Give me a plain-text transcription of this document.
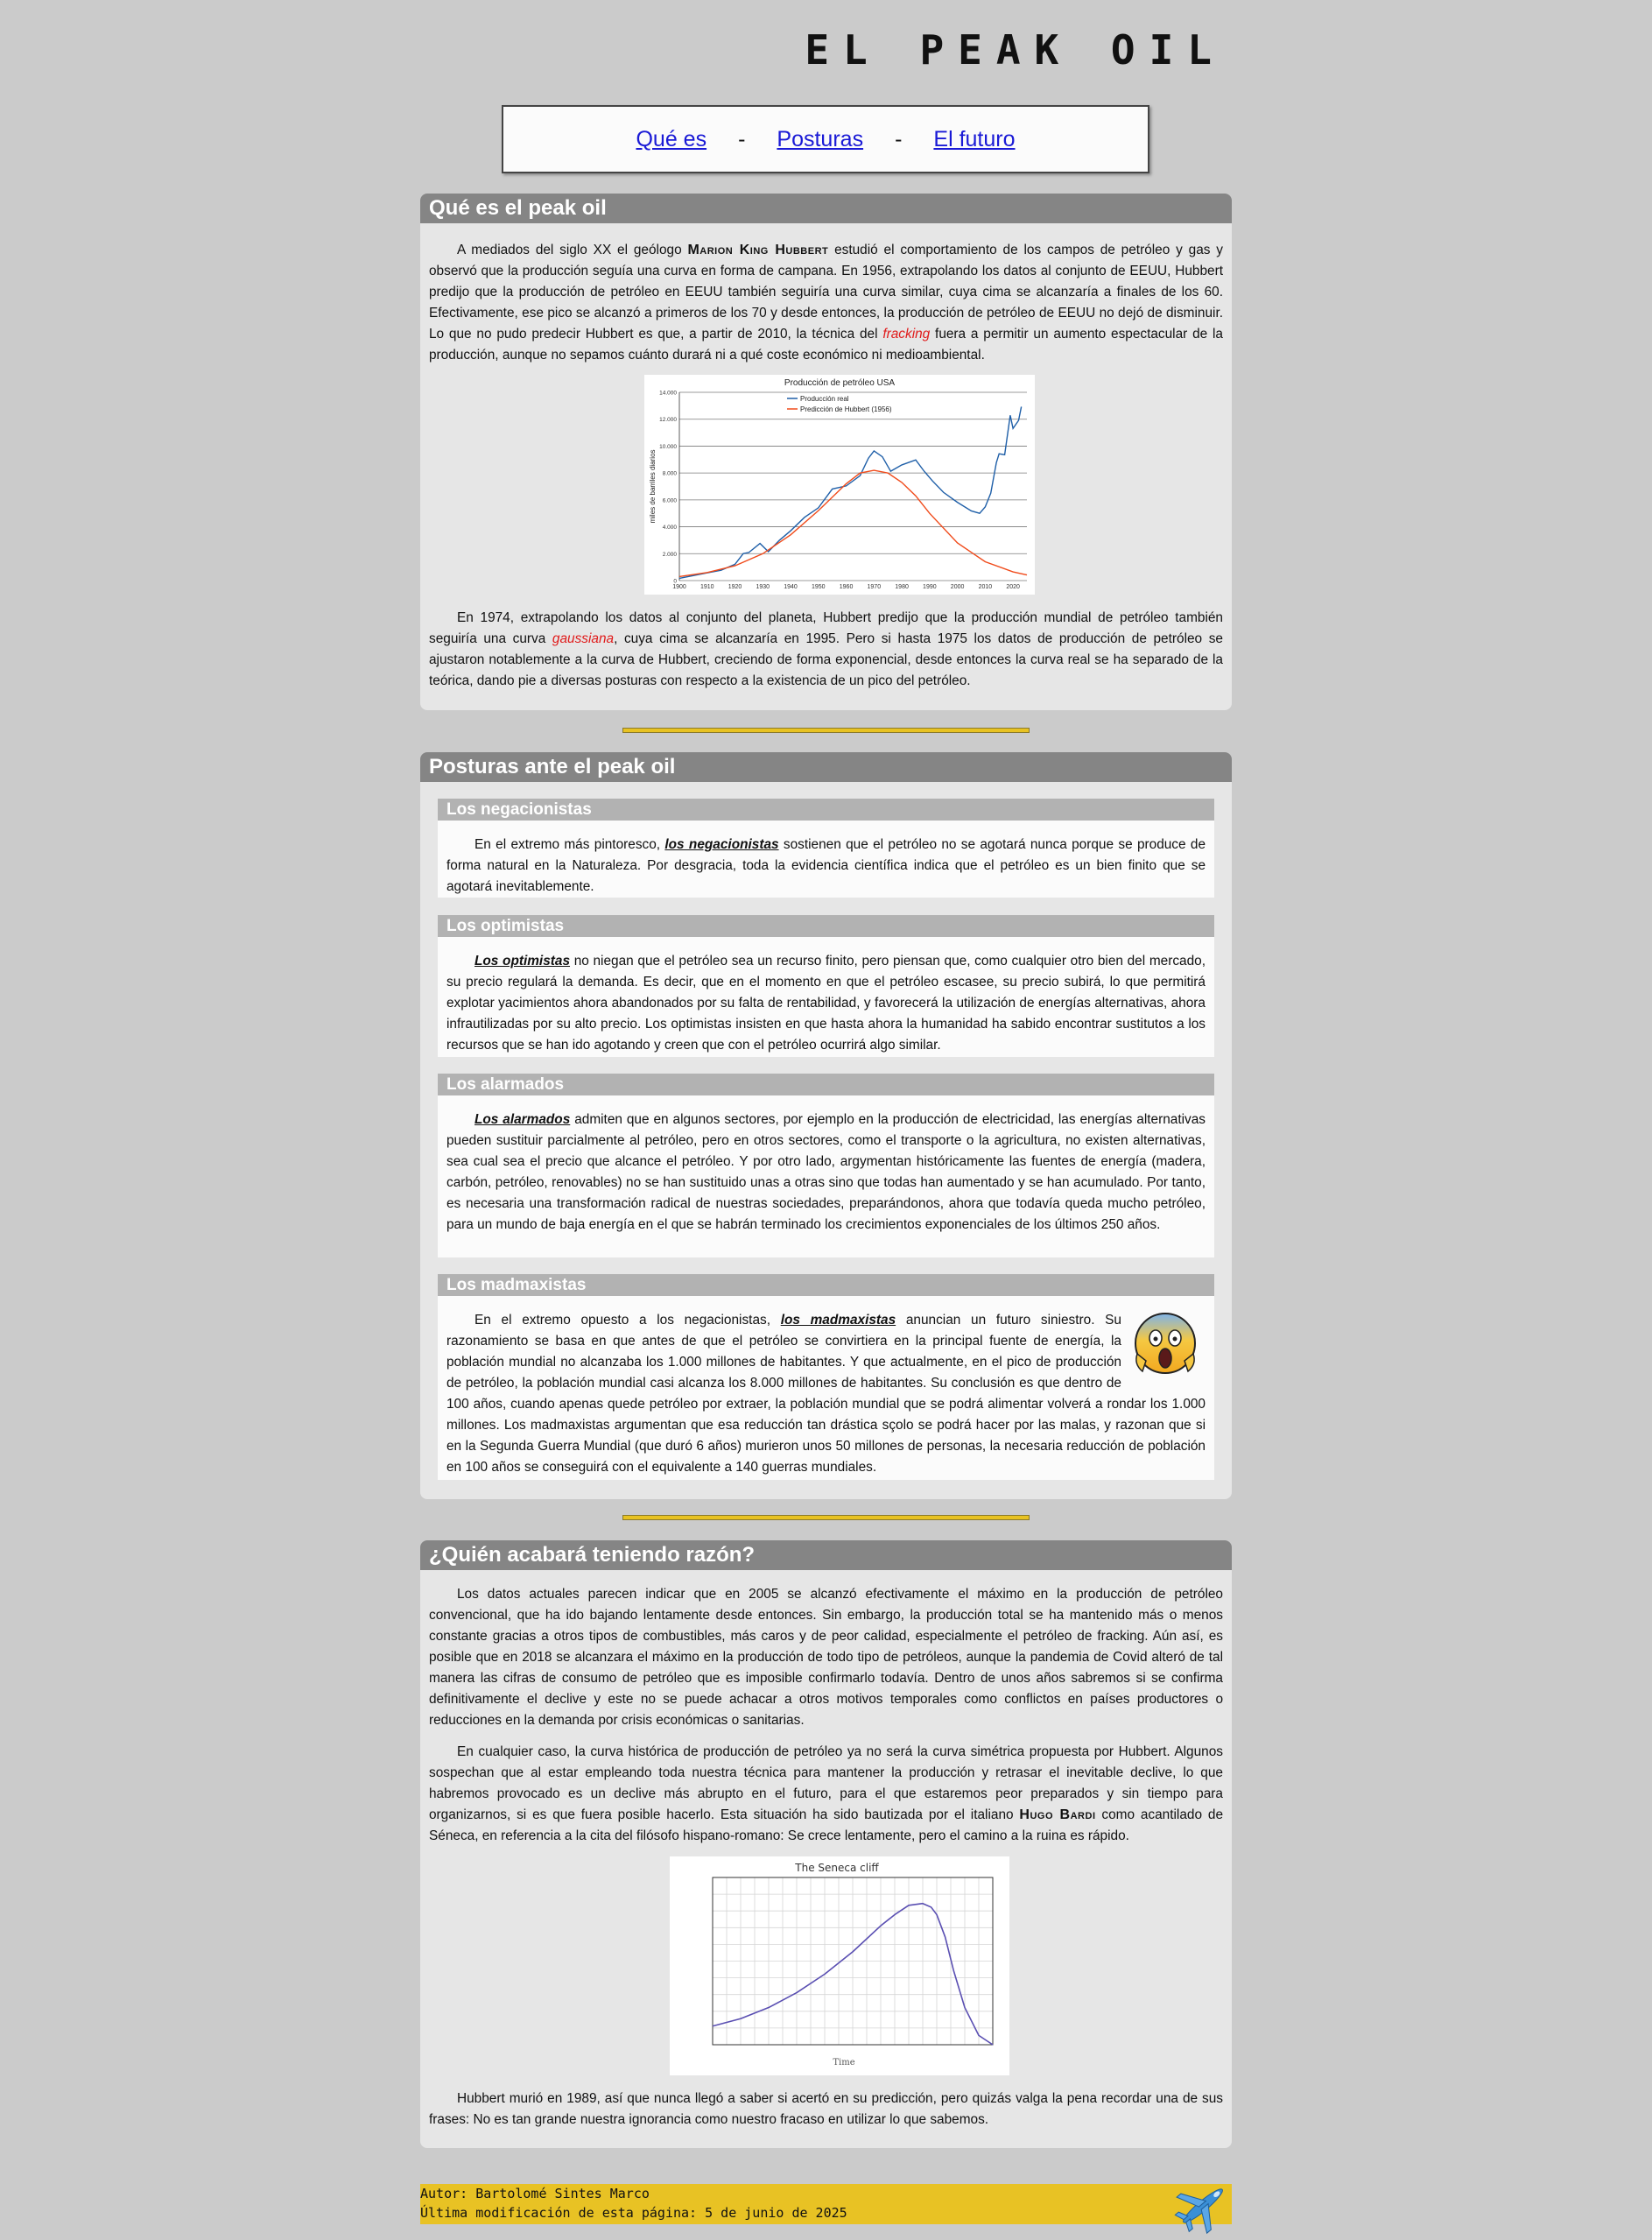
EL PEAK OIL
Qué es - Posturas - El futuro
Qué es el peak oil

A mediados del siglo XX el geólogo Marion King Hubbert estudió el comportamiento de los campos de petróleo y gas y observó que la producción seguía una curva en forma de campana. En 1956, extrapolando los datos al conjunto de EEUU, Hubbert predijo que la producción de petróleo en EEUU también seguiría una curva similar, cuya cima se alcanzaría a finales de los 60. Efectivamente, ese pico se alcanzó a primeros de los 70 y desde entonces, la producción de petróleo de EEUU no dejó de disminuir. Lo que no pudo predecir Hubbert es que, a partir de 2010, la técnica del fracking fuera a permitir un aumento espectacular de la producción, aunque no sepamos cuánto durará ni a qué coste económico ni medioambiental.

0
2.000
4.000
6.000
8.000
10.000
12.000
14.000
1900 1910 1920 1930 1940 1950 1960 1970 1980 1990 2000 2010 2020
Producción de petróleo USA
miles de barriles diarios
Producción real
Predicción de Hubbert (1956)

En 1974, extrapolando los datos al conjunto del planeta, Hubbert predijo que la producción mundial de petróleo también seguiría una curva gaussiana, cuya cima se alcanzaría en 1995. Pero si hasta 1975 los datos de producción de petróleo se ajustaron notablemente a la curva de Hubbert, creciendo de forma exponencial, desde entonces la curva real se ha separado de la teórica, dando pie a diversas posturas con respecto a la existencia de un pico del petróleo.

Posturas ante el peak oil
Los negacionistas

En el extremo más pintoresco, los negacionistas sostienen que el petróleo no se agotará nunca porque se produce de forma natural en la Naturaleza. Por desgracia, toda la evidencia científica indica que el petróleo es un bien finito que se agotará inevitablemente.

Los optimistas

Los optimistas no niegan que el petróleo sea un recurso finito, pero piensan que, como cualquier otro bien del mercado, su precio regulará la demanda. Es decir, que en el momento en que el petróleo escasee, su precio subirá, lo que permitirá explotar yacimientos ahora abandonados por su falta de rentabilidad, y favorecerá la utilización de energías alternativas, ahora infrautilizadas por su alto precio. Los optimistas insisten en que hasta ahora la humanidad ha sabido encontrar sustitutos a los recursos que se han ido agotando y creen que con el petróleo ocurrirá algo similar.

Los alarmados

Los alarmados admiten que en algunos sectores, por ejemplo en la producción de electricidad, las energías alternativas pueden sustituir parcialmente al petróleo, pero en otros sectores, como el transporte o la agricultura, no existen alternativas, sea cual sea el precio que alcance el petróleo. Y por otro lado, argymentan históricamente las fuentes de energía (madera, carbón, petróleo, renovables) no se han sustituido unas a otras sino que todas han aumentado y se han acumulado. Por tanto, es necesaria una transformación radical de nuestras sociedades, preparándonos, ahora que todavía queda mucho petróleo, para un mundo de baja energía en el que se habrán terminado los crecimientos exponenciales de los últimos 250 años.

Los madmaxistas

En el extremo opuesto a los negacionistas, los madmaxistas anuncian un futuro siniestro. Su razonamiento se basa en que antes de que el petróleo se convirtiera en la principal fuente de energía, la población mundial no alcanzaba los 1.000 millones de habitantes. Y que actualmente, en el pico de producción de petróleo, la población mundial casi alcanza los 8.000 millones de habitantes. Su conclusión es que dentro de 100 años, cuando apenas quede petróleo por extraer, la población mundial que se podrá alimentar volverá a rondar los 1.000 millones. Los madmaxistas argumentan que esa reducción tan drástica sçolo se podrá hacer por las malas, y razonan que si en la Segunda Guerra Mundial (que duró 6 años) murieron unos 50 millones de personas, la necesaria reducción de población en 100 años se conseguirá con el equivalente a 140 guerras mundiales.

¿Quién acabará teniendo razón?

Los datos actuales parecen indicar que en 2005 se alcanzó efectivamente el máximo en la producción de petróleo convencional, que ha ido bajando lentamente desde entonces. Sin embargo, la producción total se ha mantenido más o menos constante gracias a otros tipos de combustibles, más caros y de peor calidad, especialmente el petróleo de fracking. Aún así, es posible que en 2018 se alcanzara el máximo en la producción de todo tipo de petróleos, aunque la pandemia de Covid alteró de tal manera las cifras de consumo de petróleo que es imposible confirmarlo todavía. Dentro de unos años sabremos si se confirma definitivamente el declive y este no se puede achacar a otros motivos temporales como conflictos en países productores o reducciones en la demanda por crisis económicas o sanitarias.

En cualquier caso, la curva histórica de producción de petróleo ya no será la curva simétrica propuesta por Hubbert. Algunos sospechan que al estar empleando toda nuestra técnica para mantener la producción y retrasar el inevitable declive, lo que habremos provocado es un declive más abrupto en el futuro, para el que estaremos peor preparados y sin tiempo para organizarnos, si es que fuera posible hacerlo. Esta situación ha sido bautizada por el italiano Hugo Bardi como acantilado de Séneca, en referencia a la cita del filósofo hispano-romano: Se crece lentamente, pero el camino a la ruina es rápido.

The Seneca cliff
Time

Hubbert murió en 1989, así que nunca llegó a saber si acertó en su predicción, pero quizás valga la pena recordar una de sus frases: No es tan grande nuestra ignorancia como nuestro fracaso en utilizar lo que sabemos.

Autor: Bartolomé Sintes Marco
Última modificación de esta página: 5 de junio de 2025
